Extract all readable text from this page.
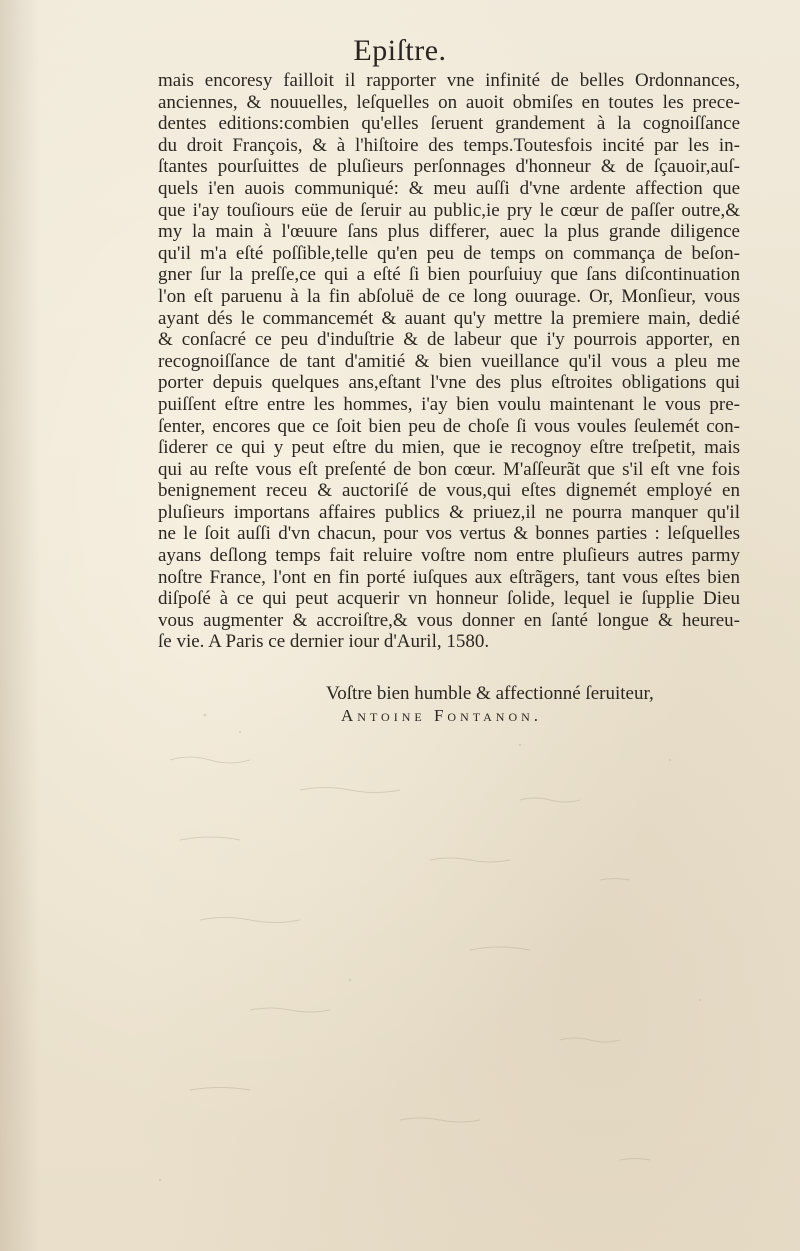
Epiſtre.
mais encoresy failloit il rapporter vne infinité de belles Ordonnances,
anciennes, & nouuelles, leſquelles on auoit obmiſes en toutes les prece-
dentes editions:combien qu'elles ſeruent grandement à la cognoiſſance
du droit François, & à l'hiſtoire des temps.Toutesfois incité par les in-
ſtantes pourſuittes de pluſieurs perſonnages d'honneur & de ſçauoir,auſ-
quels i'en auois communiqué: & meu auſſi d'vne ardente affection que
que i'ay touſiours eüe de ſeruir au public,ie pry le cœur de paſſer outre,&
my la main à l'œuure ſans plus differer, auec la plus grande diligence
qu'il m'a eſté poſſible,telle qu'en peu de temps on commança de beſon-
gner ſur la preſſe,ce qui a eſté ſi bien pourſuiuy que ſans diſcontinuation
l'on eſt paruenu à la fin abſoluë de ce long ouurage. Or, Monſieur, vous
ayant dés le commancemét & auant qu'y mettre la premiere main, dedié
& conſacré ce peu d'induſtrie & de labeur que i'y pourrois apporter, en
recognoiſſance de tant d'amitié & bien vueillance qu'il vous a pleu me
porter depuis quelques ans,eſtant l'vne des plus eſtroites obligations qui
puiſſent eſtre entre les hommes, i'ay bien voulu maintenant le vous pre-
ſenter, encores que ce ſoit bien peu de choſe ſi vous voules ſeulemét con-
ſiderer ce qui y peut eſtre du mien, que ie recognoy eſtre treſpetit, mais
qui au reſte vous eſt preſenté de bon cœur. M'aſſeurãt que s'il eſt vne fois
benignement receu & auctoriſé de vous,qui eſtes dignemét employé en
pluſieurs importans affaires publics & priuez,il ne pourra manquer qu'il
ne le ſoit auſſi d'vn chacun, pour vos vertus & bonnes parties : leſquelles
ayans deſlong temps fait reluire voſtre nom entre pluſieurs autres parmy
noſtre France, l'ont en fin porté iuſques aux eſtrãgers, tant vous eſtes bien
diſpoſé à ce qui peut acquerir vn honneur ſolide, lequel ie ſupplie Dieu
vous augmenter & accroiſtre,& vous donner en ſanté longue & heureu-
ſe vie. A Paris ce dernier iour d'Auril, 1580.
Voſtre bien humble & affectionné ſeruiteur,
Antoine Fontanon.
